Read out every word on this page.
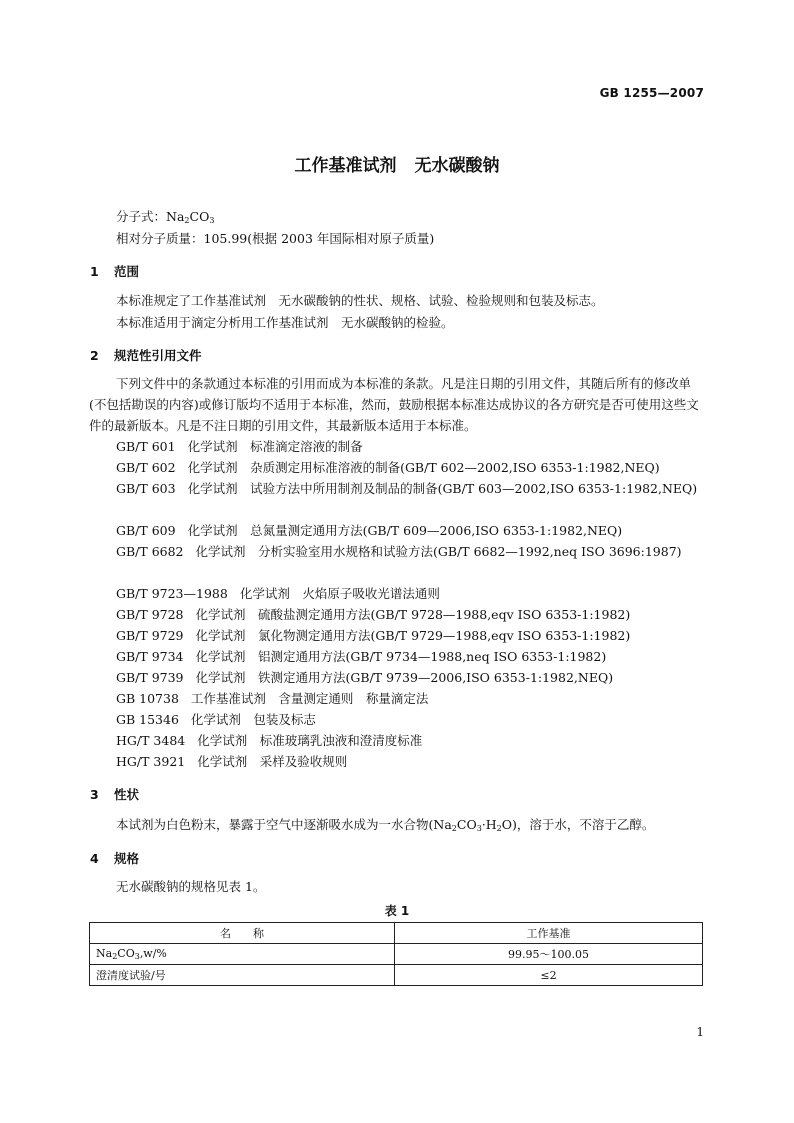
GB 1255—2007
工作基准试剂 无水碳酸钠
分子式：$Na_2CO_3$
相对分子质量：105.99(根据 2003 年国际相对原子质量)
1 范围
本标准规定了工作基准试剂　无水碳酸钠的性状、规格、试验、检验规则和包装及标志。
本标准适用于滴定分析用工作基准试剂　无水碳酸钠的检验。
2 规范性引用文件
下列文件中的条款通过本标准的引用而成为本标准的条款。凡是注日期的引用文件，其随后所有的修改单(不包括勘误的内容)或修订版均不适用于本标准，然而，鼓励根据本标准达成协议的各方研究是否可使用这些文件的最新版本。凡是不注日期的引用文件，其最新版本适用于本标准。
GB/T 601 化学试剂　标准滴定溶液的制备
GB/T 602 化学试剂　杂质测定用标准溶液的制备(GB/T 602—2002,ISO 6353-1:1982,NEQ)
GB/T 603 化学试剂　试验方法中所用制剂及制品的制备(GB/T 603—2002,ISO 6353-1:1982,NEQ)
GB/T 609 化学试剂　总氮量测定通用方法(GB/T 609—2006,ISO 6353-1:1982,NEQ)
GB/T 6682 化学试剂　分析实验室用水规格和试验方法(GB/T 6682—1992,neq ISO 3696:1987)
GB/T 9723—1988 化学试剂　火焰原子吸收光谱法通则
GB/T 9728 化学试剂　硫酸盐测定通用方法(GB/T 9728—1988,eqv ISO 6353-1:1982)
GB/T 9729 化学试剂　氯化物测定通用方法(GB/T 9729—1988,eqv ISO 6353-1:1982)
GB/T 9734 化学试剂　铝测定通用方法(GB/T 9734—1988,neq ISO 6353-1:1982)
GB/T 9739 化学试剂　铁测定通用方法(GB/T 9739—2006,ISO 6353-1:1982,NEQ)
GB 10738 工作基准试剂　含量测定通则　称量滴定法
GB 15346 化学试剂　包装及标志
HG/T 3484 化学试剂　标准玻璃乳浊液和澄清度标准
HG/T 3921 化学试剂　采样及验收规则
3 性状
本试剂为白色粉末，暴露于空气中逐渐吸水成为一水合物$(Na_2CO_3\cdot H_2O)$，溶于水，不溶于乙醇。
4 规格
无水碳酸钠的规格见表 1。
表 1
名　　称	工作基准
$Na_2CO_3,w/\%$	99.95～100.05
澄清度试验/号	≤2
1
